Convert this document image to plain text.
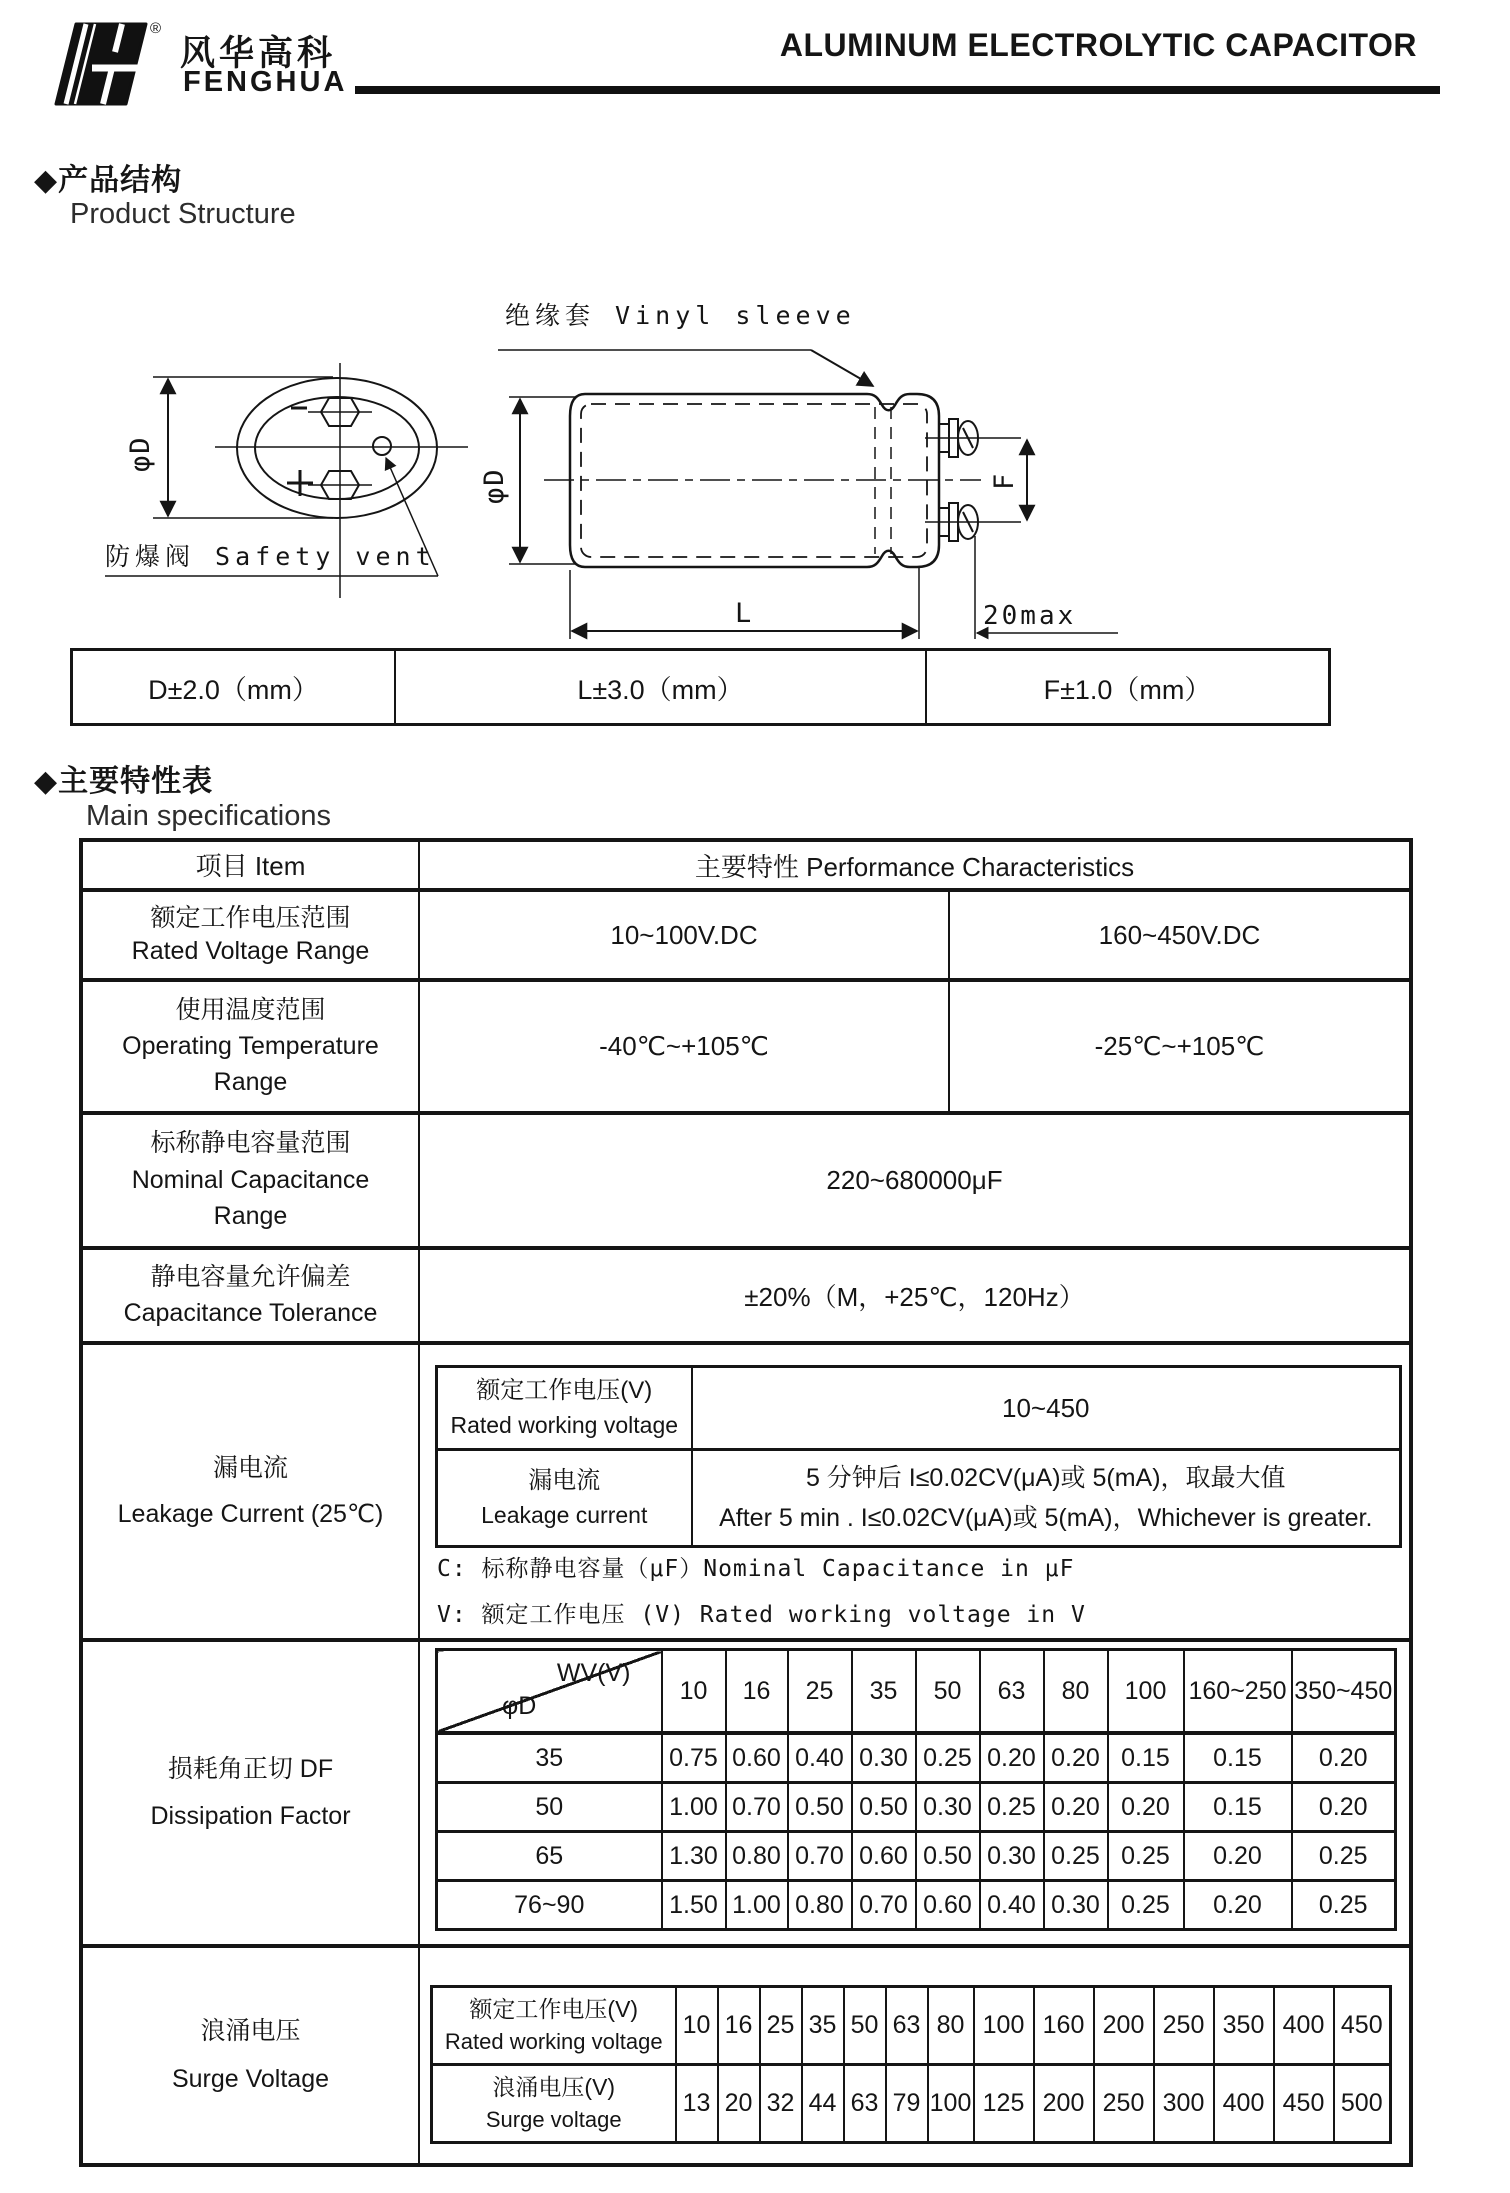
®
风华高科
FENGHUA
ALUMINUM ELECTROLYTIC CAPACITOR
◆产品结构
Product Structure
绝缘套 Vinyl sleeve
防爆阀 Safety vent
φD
φD	F
L	20max
D±2.0（mm）	L±3.0（mm）	F±1.0（mm）
◆主要特性表
Main specifications
项目 Item	主要特性 Performance Characteristics
额定工作电压范围
Rated Voltage Range
10~100V.DC	160~450V.DC
使用温度范围
Operating Temperature
Range
-40℃~+105℃	-25℃~+105℃
标称静电容量范围
Nominal Capacitance
Range
220~680000μF
静电容量允许偏差
Capacitance Tolerance
±20%（M，+25℃，120Hz）
漏电流
Leakage Current (25℃)
额定工作电压(V)
Rated working voltage	10~450

漏电流
Leakage current

5 分钟后 I≤0.02CV(μA)或 5(mA)，取最大值
After 5 min . I≤0.02CV(μA)或 5(mA)，Whichever is greater.
C: 标称静电容量（μF）Nominal Capacitance in μF
V: 额定工作电压 (V) Rated working voltage in V
损耗角正切 DF
Dissipation Factor
WV(V)
φD	10	16	25	35	50	63	80	100	160~250	350~450
35	0.75	0.60	0.40	0.30	0.25	0.20	0.20	0.15	0.15	0.20
50	1.00	0.70	0.50	0.50	0.30	0.25	0.20	0.20	0.15	0.20
65	1.30	0.80	0.70	0.60	0.50	0.30	0.25	0.25	0.20	0.25
76~90	1.50	1.00	0.80	0.70	0.60	0.40	0.30	0.25	0.20	0.25
浪涌电压
Surge Voltage
额定工作电压(V)
Rated working voltage	10	16	25	35	50	63	80	100	160	200	250	350	400	450

浪涌电压(V)
Surge voltage	13	20	32	44	63	79	100	125	200	250	300	400	450	500
